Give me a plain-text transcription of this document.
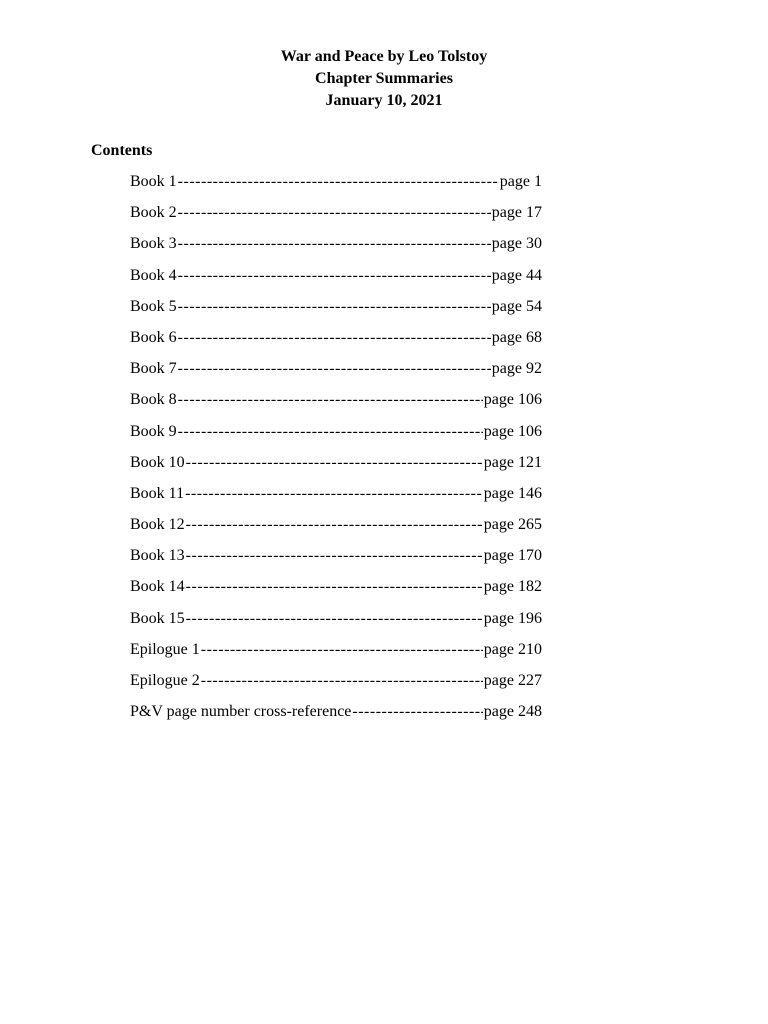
War and Peace by Leo Tolstoy
Chapter Summaries
January 10, 2021
Contents
Book 1 -----	page 1
Book 2 -----	page 17
Book 3 -----	page 30
Book 4 -----	page 44
Book 5 -----	page 54
Book 6 -----	page 68
Book 7 -----	page 92
Book 8 -----	page 106
Book 9 -----	page 106
Book 10 -----	page 121
Book 11 -----	page 146
Book 12 -----	page 265
Book 13 -----	page 170
Book 14 -----	page 182
Book 15 -----	page 196
Epilogue 1 -----	page 210
Epilogue 2 -----	page 227
P&V page number cross-reference -----	page 248
